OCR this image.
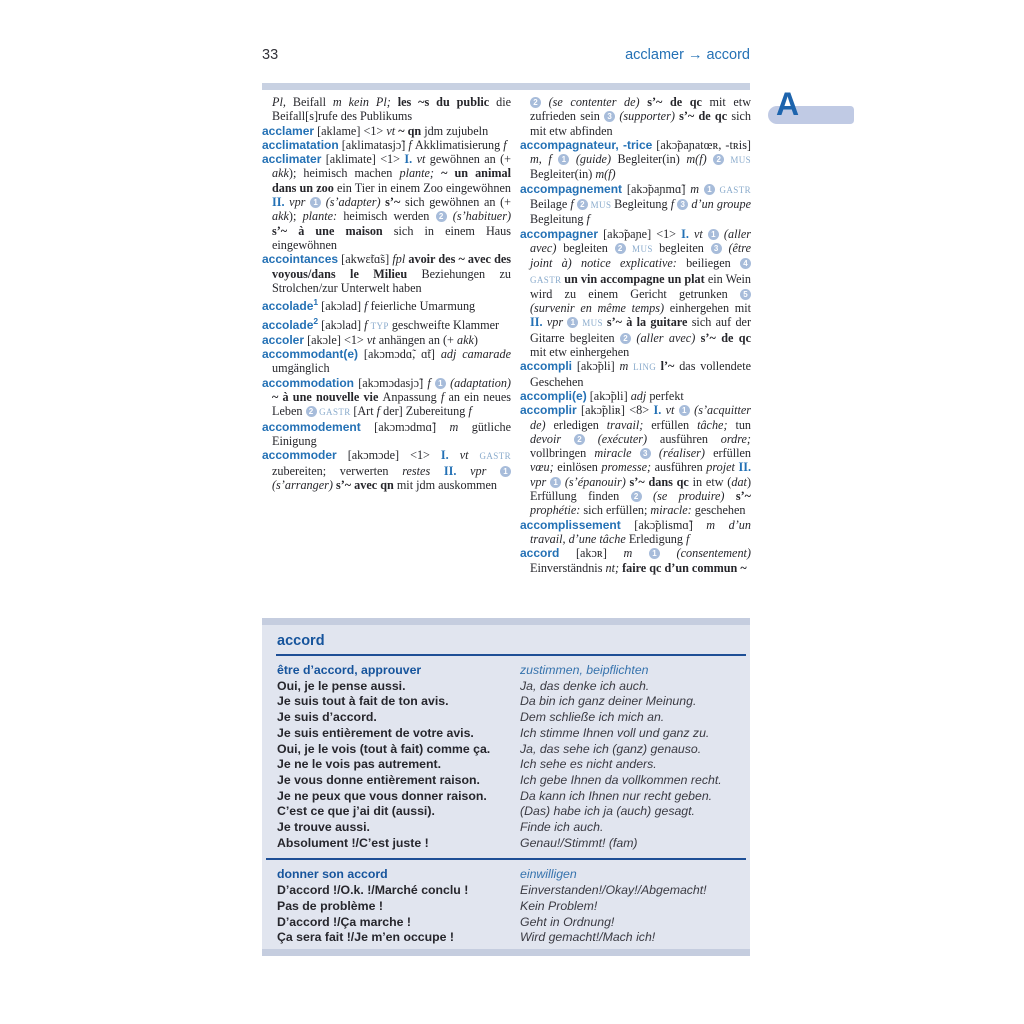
33	acclamer → accord
A

Pl, Beifall m kein Pl; les ~s du public die Beifall[s]rufe des Publikums

acclamer [aklame] <1> vt ~ qn jdm zujubeln

acclimatation [aklimatasjɔ̃] f Akklimatisierung f

acclimater [aklimate] <1> I. vt gewöhnen an (+ akk); heimisch machen plante; ~ un animal dans un zoo ein Tier in einem Zoo eingewöhnen II. vpr 1 (s’adapter) s’~ sich gewöhnen an (+ akk); plante: heimisch werden 2 (s’habituer) s’~ à une maison sich in einem Haus eingewöhnen

accointances [akwɛ̃tɑ̃s] fpl avoir des ~ avec des voyous/dans le Milieu Beziehungen zu Strolchen/zur Unterwelt haben

accolade$^1$ [akɔlad] f feierliche Umarmung

accolade$^2$ [akɔlad] f TYP geschweifte Klammer

accoler [akɔle] <1> vt anhängen an (+ akk)

accommodant(e) [akɔmɔdɑ̃, ɑ̃t] adj camarade umgänglich

accommodation [akɔmɔdasjɔ̃] f 1 (adaptation) ~ à une nouvelle vie Anpassung f an ein neues Leben 2 GASTR [Art f der] Zubereitung f

accommodement [akɔmɔdmɑ̃] m gütliche Einigung

accommoder [akɔmɔde] <1> I. vt GASTR zubereiten; verwerten restes II. vpr 1 (s’arranger) s’~ avec qn mit jdm auskommen

2 (se contenter de) s’~ de qc mit etw zufrieden sein 3 (supporter) s’~ de qc sich mit etw abfinden

accompagnateur, -trice [akɔ̃paɲatœʀ, -tʀis] m, f 1 (guide) Begleiter(in) m(f) 2 MUS Begleiter(in) m(f)

accompagnement [akɔ̃paɲmɑ̃] m 1 GASTR Beilage f 2 MUS Begleitung f 3 d’un groupe Begleitung f

accompagner [akɔ̃paɲe] <1> I. vt 1 (aller avec) begleiten 2 MUS begleiten 3 (être joint à) notice explicative: beiliegen 4 GASTR un vin accompagne un plat ein Wein wird zu einem Gericht getrunken 5 (survenir en même temps) einhergehen mit II. vpr 1 MUS s’~ à la guitare sich auf der Gitarre begleiten 2 (aller avec) s’~ de qc mit etw einhergehen

accompli [akɔ̃pli] m LING l’~ das vollendete Geschehen

accompli(e) [akɔ̃pli] adj perfekt

accomplir [akɔ̃pliʀ] <8> I. vt 1 (s’acquitter de) erledigen travail; erfüllen tâche; tun devoir 2 (exécuter) ausführen ordre; vollbringen miracle 3 (réaliser) erfüllen vœu; einlösen promesse; ausführen projet II. vpr 1 (s’épanouir) s’~ dans qc in etw (dat) Erfüllung finden 2 (se produire) s’~ prophétie: sich erfüllen; miracle: geschehen

accomplissement [akɔ̃plismɑ̃] m d’un travail, d’une tâche Erledigung f

accord [akɔʀ] m 1 (consentement) Einverständnis nt; faire qc d’un commun ~

accord
être d’accord, approuver	zustimmen, beipflichten
Oui, je le pense aussi.	Ja, das denke ich auch.
Je suis tout à fait de ton avis.	Da bin ich ganz deiner Meinung.
Je suis d’accord.	Dem schließe ich mich an.
Je suis entièrement de votre avis.	Ich stimme Ihnen voll und ganz zu.
Oui, je le vois (tout à fait) comme ça.	Ja, das sehe ich (ganz) genauso.
Je ne le vois pas autrement.	Ich sehe es nicht anders.
Je vous donne entièrement raison.	Ich gebe Ihnen da vollkommen recht.
Je ne peux que vous donner raison.	Da kann ich Ihnen nur recht geben.
C’est ce que j’ai dit (aussi).	(Das) habe ich ja (auch) gesagt.
Je trouve aussi.	Finde ich auch.
Absolument !/C’est juste !	Genau!/Stimmt! (fam)
donner son accord	einwilligen
D’accord !/O.k. !/Marché conclu !	Einverstanden!/Okay!/Abgemacht!
Pas de problème !	Kein Problem!
D’accord !/Ça marche !	Geht in Ordnung!
Ça sera fait !/Je m’en occupe !	Wird gemacht!/Mach ich!
